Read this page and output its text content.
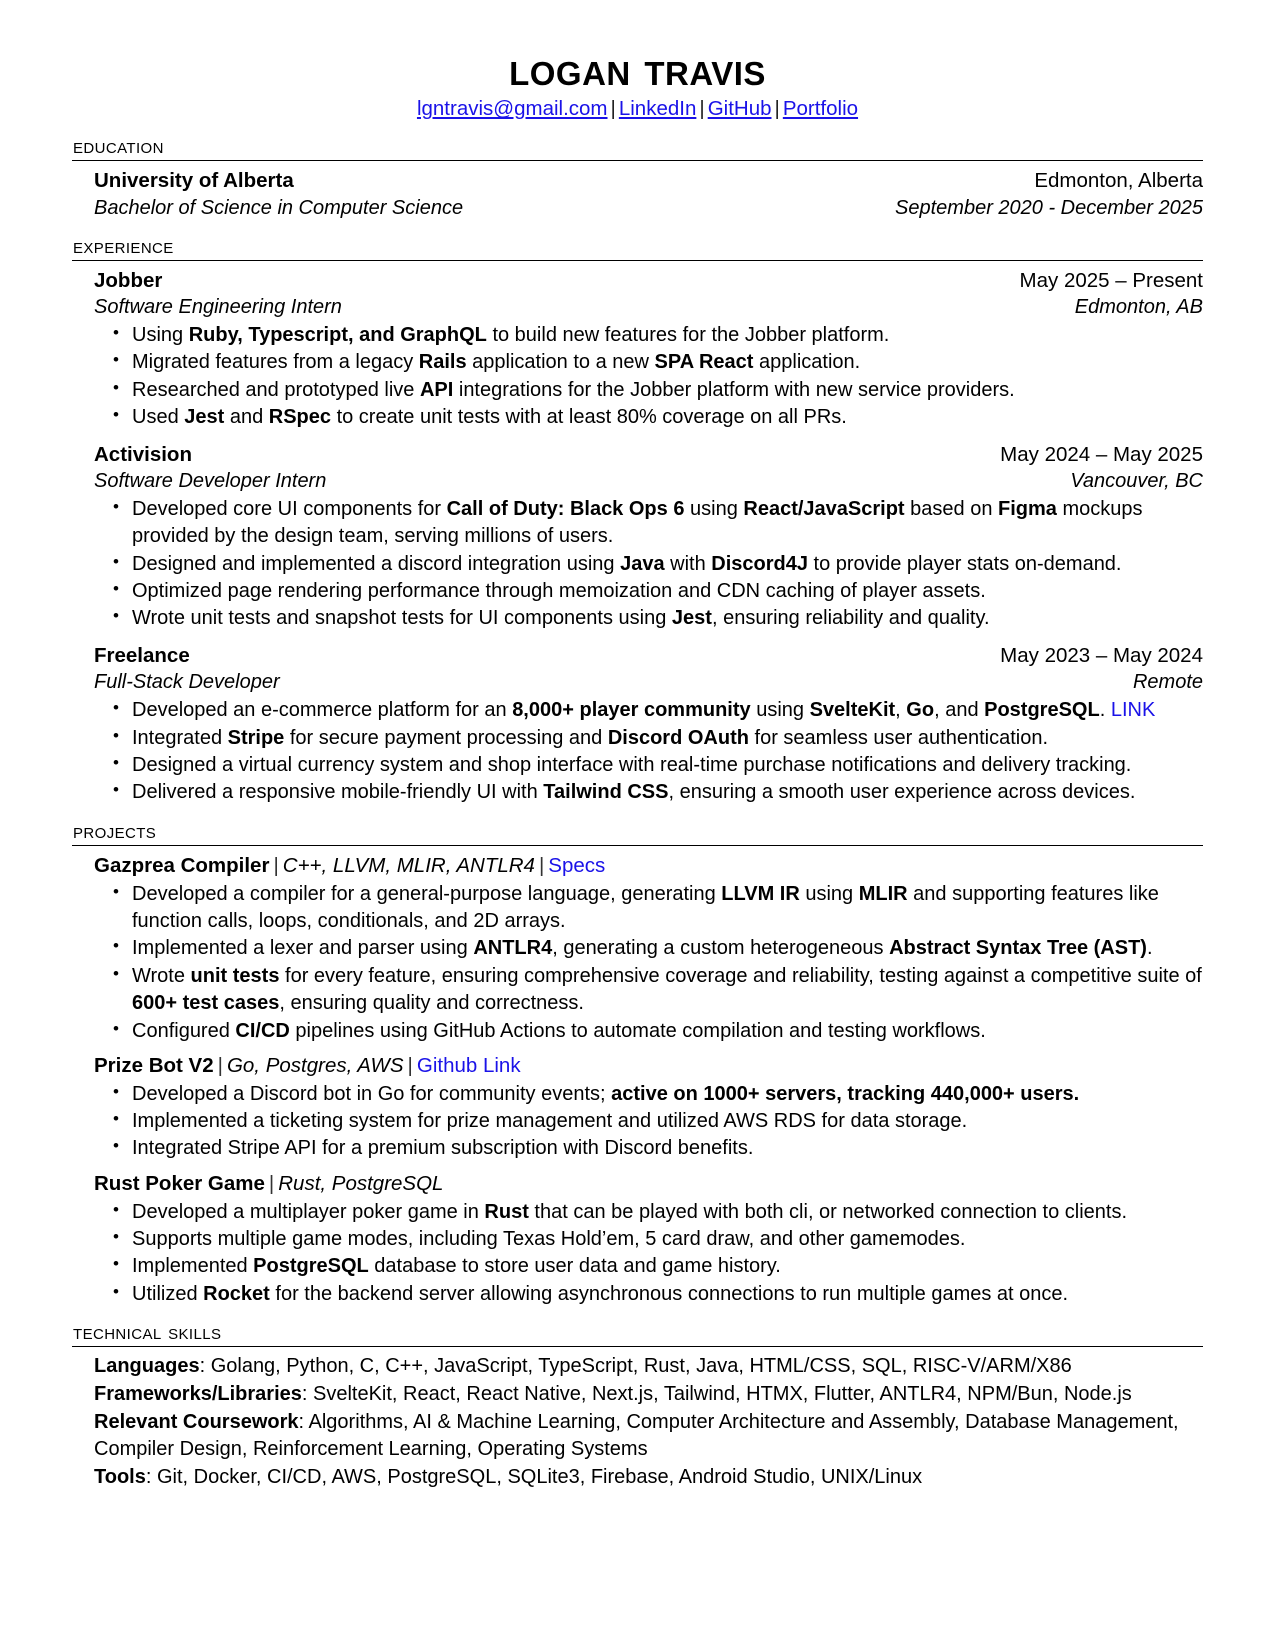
logan travis
lgntravis@gmail.com | LinkedIn | GitHub | Portfolio
education
University of Alberta	Edmonton, Alberta
Bachelor of Science in Computer Science	September 2020 - December 2025
experience
Jobber	May 2025 – Present
Software Engineering Intern	Edmonton, AB
• Using Ruby, Typescript, and GraphQL to build new features for the Jobber platform.
• Migrated features from a legacy Rails application to a new SPA React application.
• Researched and prototyped live API integrations for the Jobber platform with new service providers.
• Used Jest and RSpec to create unit tests with at least 80% coverage on all PRs.
Activision	May 2024 – May 2025
Software Developer Intern	Vancouver, BC
• Developed core UI components for Call of Duty: Black Ops 6 using React/JavaScript based on Figma mockups provided by the design team, serving millions of users.
• Designed and implemented a discord integration using Java with Discord4J to provide player stats on-demand.
• Optimized page rendering performance through memoization and CDN caching of player assets.
• Wrote unit tests and snapshot tests for UI components using Jest, ensuring reliability and quality.
Freelance	May 2023 – May 2024
Full-Stack Developer	Remote
• Developed an e-commerce platform for an 8,000+ player community using SvelteKit, Go, and PostgreSQL. LINK
• Integrated Stripe for secure payment processing and Discord OAuth for seamless user authentication.
• Designed a virtual currency system and shop interface with real-time purchase notifications and delivery tracking.
• Delivered a responsive mobile-friendly UI with Tailwind CSS, ensuring a smooth user experience across devices.
projects
Gazprea Compiler | C++, LLVM, MLIR, ANTLR4 | Specs
• Developed a compiler for a general-purpose language, generating LLVM IR using MLIR and supporting features like function calls, loops, conditionals, and 2D arrays.
• Implemented a lexer and parser using ANTLR4, generating a custom heterogeneous Abstract Syntax Tree (AST).
• Wrote unit tests for every feature, ensuring comprehensive coverage and reliability, testing against a competitive suite of 600+ test cases, ensuring quality and correctness.
• Configured CI/CD pipelines using GitHub Actions to automate compilation and testing workflows.
Prize Bot V2 | Go, Postgres, AWS | Github Link
• Developed a Discord bot in Go for community events; active on 1000+ servers, tracking 440,000+ users.
• Implemented a ticketing system for prize management and utilized AWS RDS for data storage.
• Integrated Stripe API for a premium subscription with Discord benefits.
Rust Poker Game | Rust, PostgreSQL
• Developed a multiplayer poker game in Rust that can be played with both cli, or networked connection to clients.
• Supports multiple game modes, including Texas Hold’em, 5 card draw, and other gamemodes.
• Implemented PostgreSQL database to store user data and game history.
• Utilized Rocket for the backend server allowing asynchronous connections to run multiple games at once.
technical skills
Languages: Golang, Python, C, C++, JavaScript, TypeScript, Rust, Java, HTML/CSS, SQL, RISC-V/ARM/X86
Frameworks/Libraries: SvelteKit, React, React Native, Next.js, Tailwind, HTMX, Flutter, ANTLR4, NPM/Bun, Node.js
Relevant Coursework: Algorithms, AI & Machine Learning, Computer Architecture and Assembly, Database Management, Compiler Design, Reinforcement Learning, Operating Systems
Tools: Git, Docker, CI/CD, AWS, PostgreSQL, SQLite3, Firebase, Android Studio, UNIX/Linux
